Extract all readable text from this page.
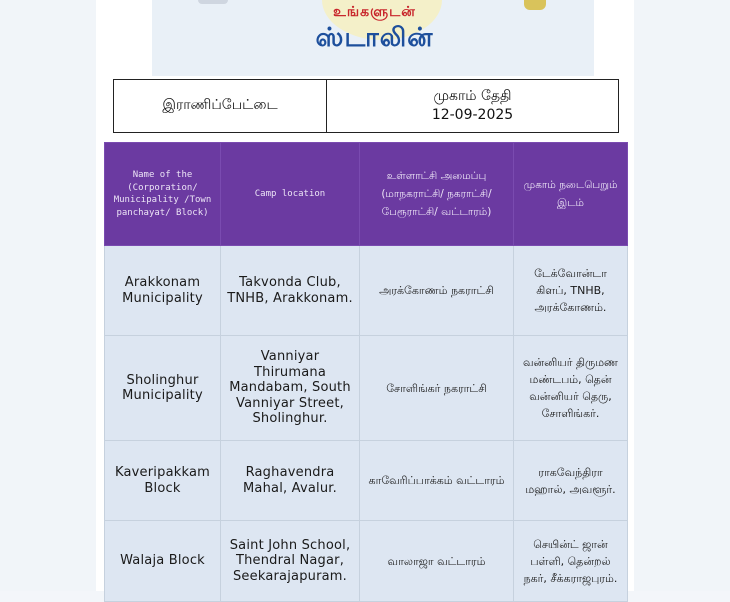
உங்களுடன்
ஸ்டாலின்
இராணிப்பேட்டை
முகாம் தேதி
12-09-2025
Name of the (Corporation/ Municipality /Town panchayat/ Block)	Camp location	உள்ளாட்சி அமைப்பு (மாநகராட்சி/ நகராட்சி/ பேரூராட்சி/ வட்டாரம்)	முகாம் நடைபெறும் இடம்
Arakkonam Municipality	Takvonda Club, TNHB, Arakkonam.	அரக்கோணம் நகராட்சி	டேக்வோன்டா கிளப், TNHB, அரக்கோணம்.
Sholinghur Municipality	Vanniyar Thirumana Mandabam, South Vanniyar Street, Sholinghur.	சோளிங்கர் நகராட்சி	வன்னியர் திருமண மண்டபம், தென் வன்னியர் தெரு, சோளிங்கர்.
Kaveripakkam Block	Raghavendra Mahal, Avalur.	காவேரிப்பாக்கம் வட்டாரம்	ராகவேந்திரா மஹால், அவளூர்.
Walaja Block	Saint John School, Thendral Nagar, Seekarajapuram.	வாலாஜா வட்டாரம்	செயின்ட் ஜான் பள்ளி, தென்றல் நகர், சீக்கராஜபுரம்.
